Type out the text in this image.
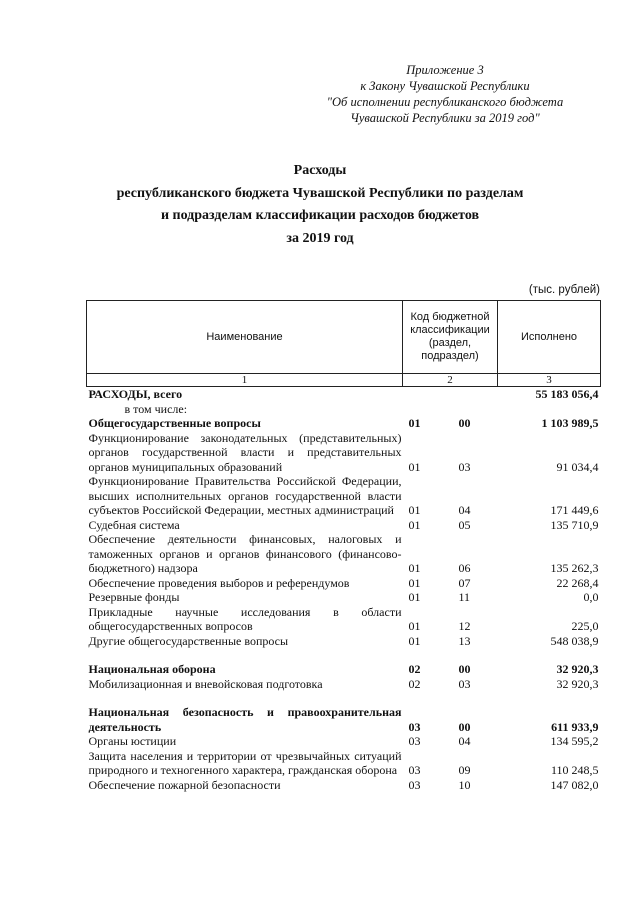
Приложение 3
к Закону Чувашской Республики
"Об исполнении республиканского бюджета
Чувашской Республики за 2019 год"
Расходы
республиканского бюджета Чувашской Республики по разделам
и подразделам классификации расходов бюджетов
за 2019 год
(тыс. рублей)
Наименование	Код бюджетной классификации (раздел, подраздел)	Исполнено
1	2	3
РАСХОДЫ, всего		55 183 056,4
в том числе:		
Общегосударственные вопросы	01 00	1 103 989,5
Функционирование законодательных (представительных) органов государственной власти и представительных органов муниципальных образований	01 03	91 034,4
Функционирование Правительства Российской Федерации, высших исполнительных органов государственной власти субъектов Российской Федерации, местных администраций	01 04	171 449,6
Судебная система	01 05	135 710,9
Обеспечение деятельности финансовых, налоговых и таможенных органов и органов финансового (финансово-бюджетного) надзора	01 06	135 262,3
Обеспечение проведения выборов и референдумов	01 07	22 268,4
Резервные фонды	01 11	0,0
Прикладные научные исследования в области общегосударственных вопросов	01 12	225,0
Другие общегосударственные вопросы	01 13	548 038,9

Национальная оборона	02 00	32 920,3
Мобилизационная и вневойсковая подготовка	02 03	32 920,3

Национальная безопасность и правоохранительная деятельность	03 00	611 933,9
Органы юстиции	03 04	134 595,2
Защита населения и территории от чрезвычайных ситуаций природного и техногенного характера, гражданская оборона	03 09	110 248,5
Обеспечение пожарной безопасности	03 10	147 082,0
